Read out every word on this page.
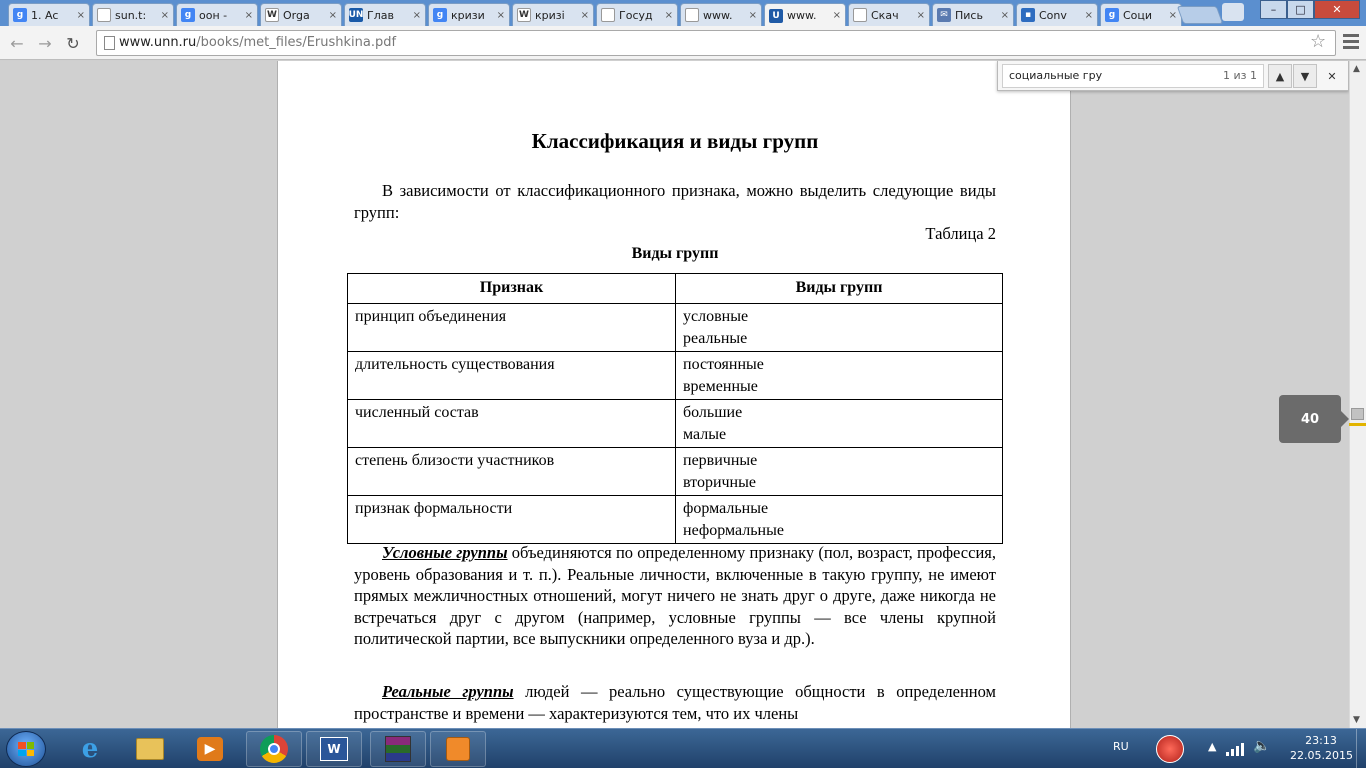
g 1. Ac	×	sun.t:	×	g оон -	× W Orga	× UN Глав	×	g кризи	× W кризі	×	Госуд	×	www.	×	U www.	×	Скач	×	✉ Пись	×	▪ Conv	×	g Соци	×	–	□	✕
← → ↻	www.unn.ru/books/met_files/Erushkina.pdf	☆
Классификация и виды групп
В зависимости от классификационного признака, можно выделить следующие виды групп:
Таблица 2
Виды групп
Признак	Виды групп
принцип объединения	условные
реальные

длительность существования	постоянные
временные

численный состав	большие
малые

степень близости участников	первичные
вторичные

признак формальности	формальные
неформальные
Условные группы объединяются по определенному признаку (пол, возраст, профессия, уровень образования и т. п.). Реальные личности, включенные в такую группу, не имеют прямых межличностных отношений, могут ничего не знать друг о друге, даже никогда не встречаться друг с другом (например, условные группы — все члены крупной политической партии, все выпускники определенного вуза и др.).
Реальные группы людей — реально существующие общности в определенном пространстве и времени — характеризуются тем, что их члены
социальные гру	1 из 1	▲	▼	✕
▲
▼
40
e	▶	W	RU	▲	🔈	23:13
22.05.2015
